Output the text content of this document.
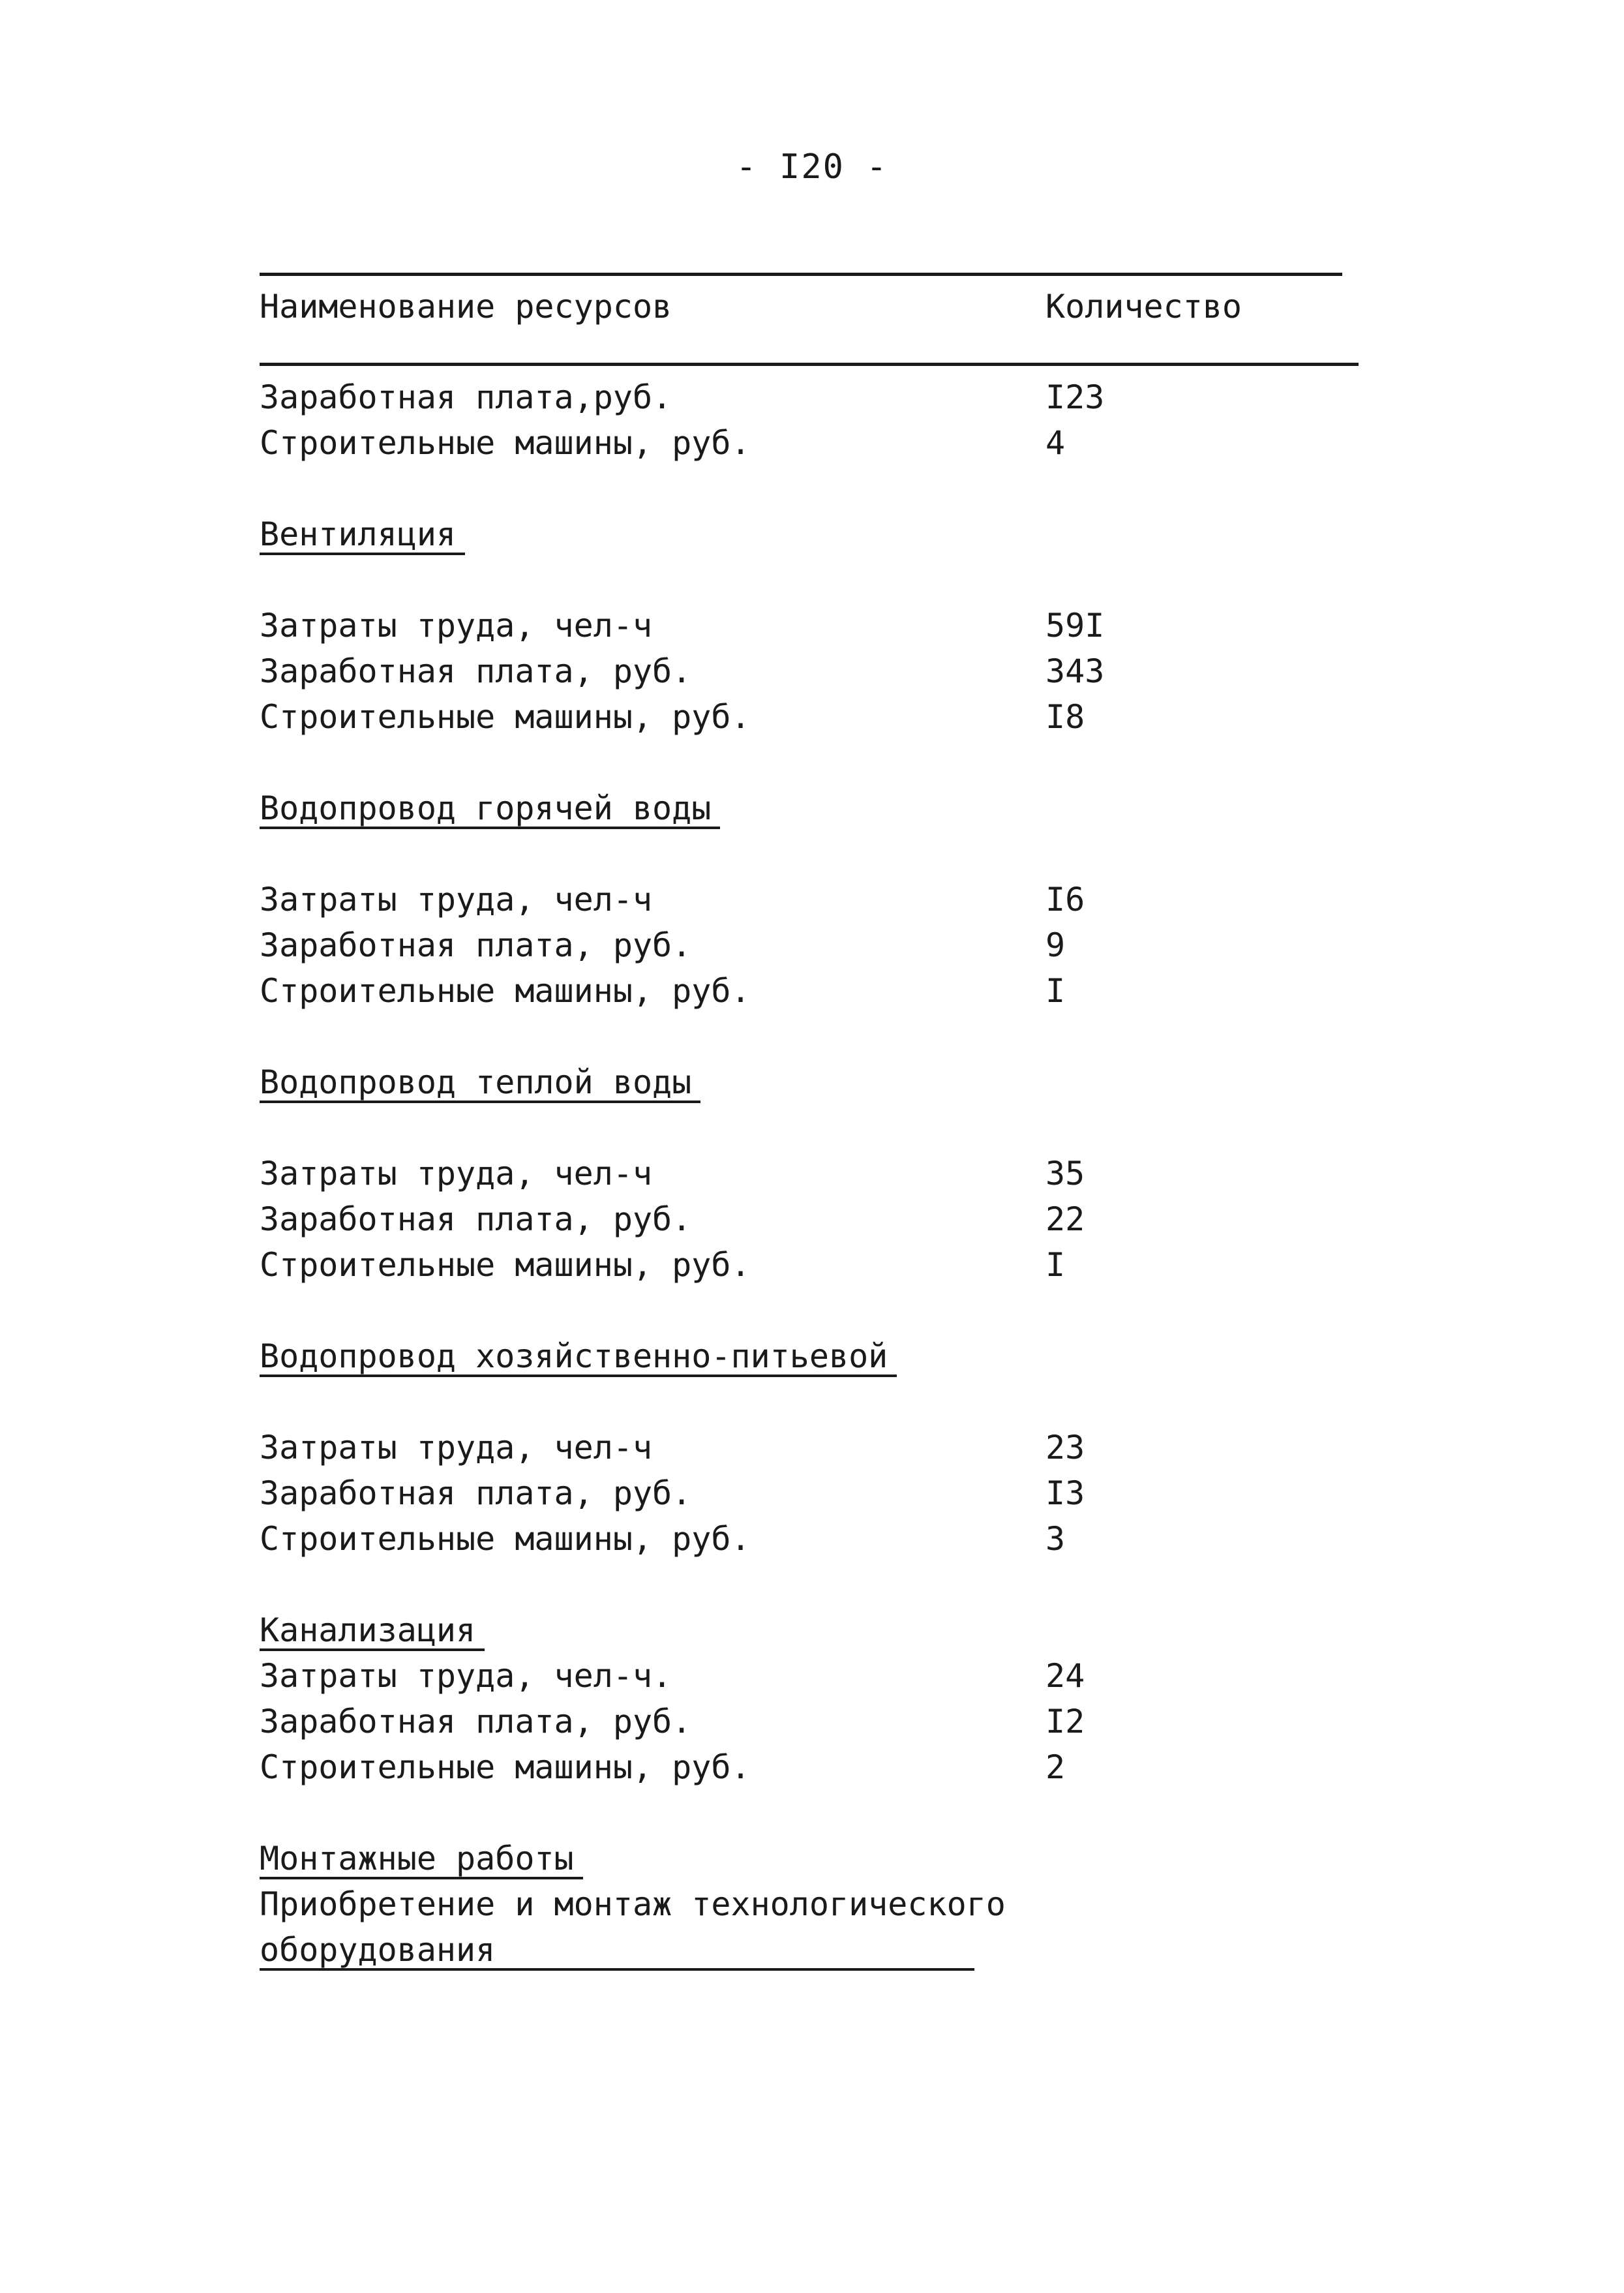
- I20 -
Наименование ресурсов	Количество
Заработная плата,руб.	I23
Строительные машины, руб.	4
Вентиляция
Затраты труда, чел-ч	59I
Заработная плата, руб.	343
Строительные машины, руб.	I8
Водопровод горячей воды
Затраты труда, чел-ч	I6
Заработная плата, руб.	9
Строительные машины, руб.	I
Водопровод теплой воды
Затраты труда, чел-ч	35
Заработная плата, руб.	22
Строительные машины, руб.	I
Водопровод хозяйственно-питьевой
Затраты труда, чел-ч	23
Заработная плата, руб.	I3
Строительные машины, руб.	3
Канализация
Затраты труда, чел-ч.	24
Заработная плата, руб.	I2
Строительные машины, руб.	2
Монтажные работы
Приобретение и монтаж технологического
оборудования
